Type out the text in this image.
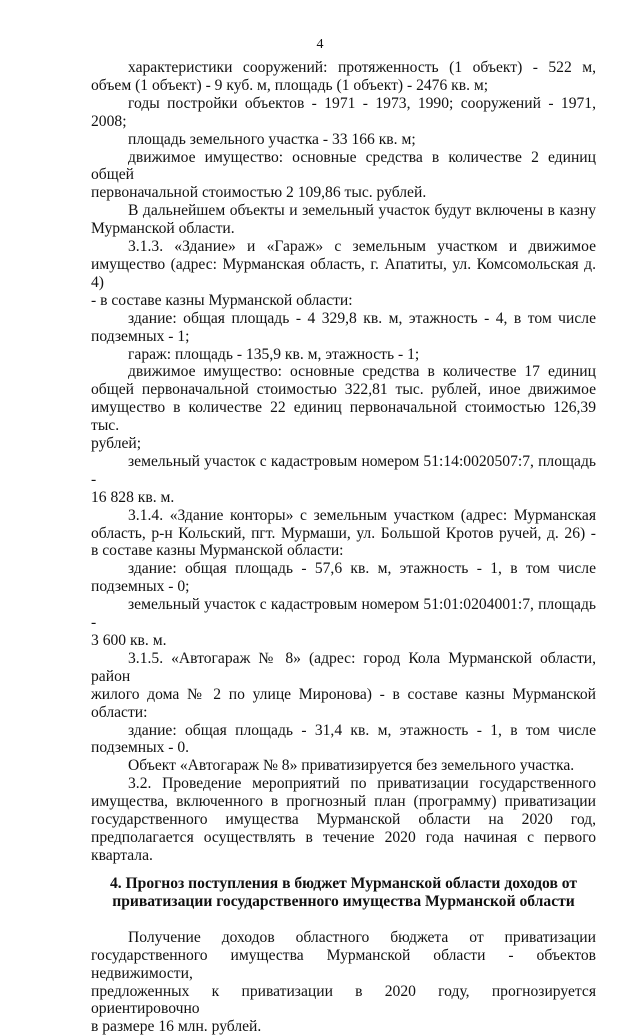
4

характеристики сооружений: протяженность (1 объект) - 522 м,
объем (1 объект) - 9 куб. м, площадь (1 объект) - 2476 кв. м;

годы постройки объектов - 1971 - 1973, 1990; сооружений - 1971, 2008;

площадь земельного участка - 33 166 кв. м;

движимое имущество: основные средства в количестве 2 единиц общей
первоначальной стоимостью 2 109,86 тыс. рублей.

В дальнейшем объекты и земельный участок будут включены в казну
Мурманской области.

3.1.3. «Здание» и «Гараж» с земельным участком и движимое
имущество (адрес: Мурманская область, г. Апатиты, ул. Комсомольская д. 4)
- в составе казны Мурманской области:

здание: общая площадь - 4 329,8 кв. м, этажность - 4, в том числе
подземных - 1;

гараж: площадь - 135,9 кв. м, этажность - 1;

движимое имущество: основные средства в количестве 17 единиц
общей первоначальной стоимостью 322,81 тыс. рублей, иное движимое
имущество в количестве 22 единиц первоначальной стоимостью 126,39 тыс.
рублей;

земельный участок с кадастровым номером 51:14:0020507:7, площадь -
16 828 кв. м.

3.1.4. «Здание конторы» с земельным участком (адрес: Мурманская
область, р-н Кольский, пгт. Мурмаши, ул. Большой Кротов ручей, д. 26) -
в составе казны Мурманской области:

здание: общая площадь - 57,6 кв. м, этажность - 1, в том числе
подземных - 0;

земельный участок с кадастровым номером 51:01:0204001:7, площадь -
3 600 кв. м.

3.1.5. «Автогараж № 8» (адрес: город Кола Мурманской области, район
жилого дома № 2 по улице Миронова) - в составе казны Мурманской
области:

здание: общая площадь - 31,4 кв. м, этажность - 1, в том числе
подземных - 0.

Объект «Автогараж № 8» приватизируется без земельного участка.

3.2. Проведение мероприятий по приватизации государственного
имущества, включенного в прогнозный план (программу) приватизации
государственного имущества Мурманской области на 2020 год,
предполагается осуществлять в течение 2020 года начиная с первого
квартала.

4. Прогноз поступления в бюджет Мурманской области доходов от
приватизации государственного имущества Мурманской области

Получение доходов областного бюджета от приватизации
государственного имущества Мурманской области - объектов недвижимости,
предложенных к приватизации в 2020 году, прогнозируется ориентировочно
в размере 16 млн. рублей.
